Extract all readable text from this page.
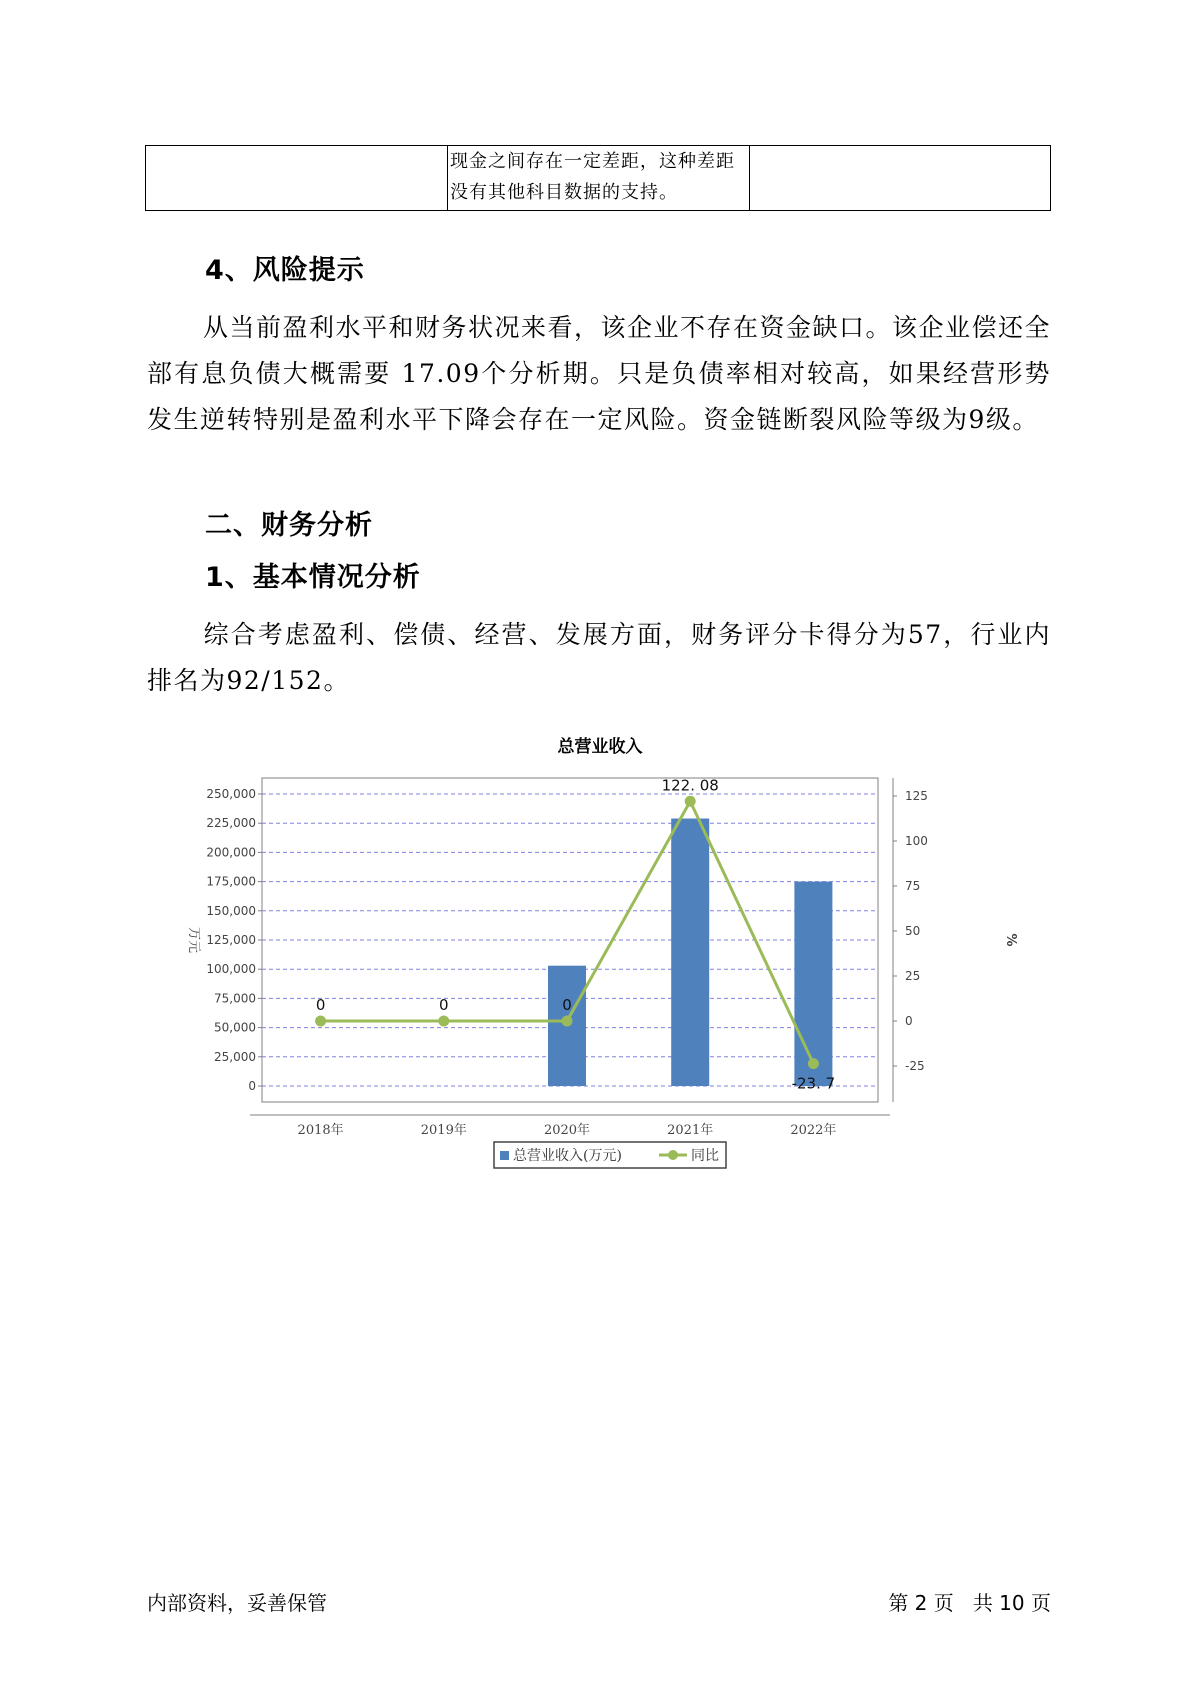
现金之间存在一定差距，这种差距
没有其他科目数据的支持。

4、风险提示

从当前盈利水平和财务状况来看，该企业不存在资金缺口。该企业偿还全部有息负债大概需要 17.09个分析期。只是负债率相对较高，如果经营形势发生逆转特别是盈利水平下降会存在一定风险。资金链断裂风险等级为9级。

二、财务分析
1、基本情况分析

综合考虑盈利、偿债、经营、发展方面，财务评分卡得分为57，行业内排名为92/152。

总营业收入
0
25,000
50,000
75,000
100,000
125,000
150,000
175,000
200,000
225,000
250,000
-25
0
25
50
75
100
125
万元	%
2018年	2019年	2020年	2021年	2022年
0	0	0
122. 08
-23. 7
总营业收入(万元)	同比
内部资料，妥善保管	第 2 页   共 10 页
